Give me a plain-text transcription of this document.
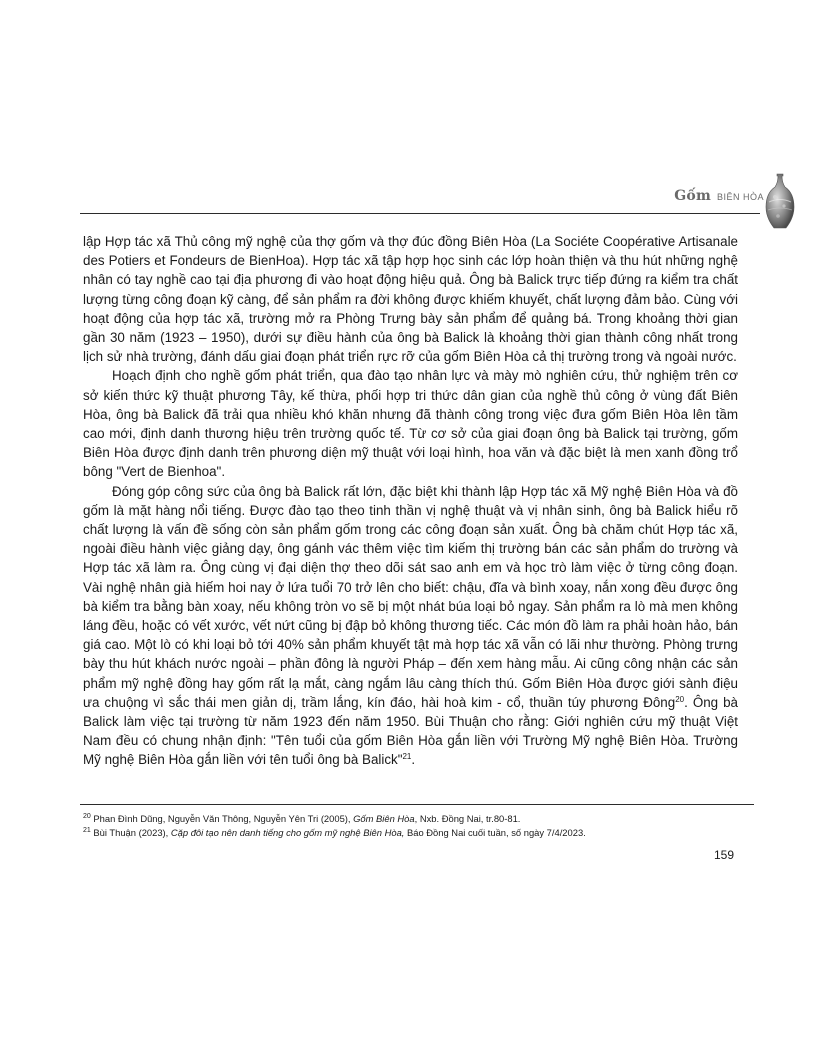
Gốm BIÊN HÒA

lập Hợp tác xã Thủ công mỹ nghệ của thợ gốm và thợ đúc đồng Biên Hòa (La Sociéte Coopérative Artisanale des Potiers et Fondeurs de BienHoa). Hợp tác xã tập hợp học sinh các lớp hoàn thiện và thu hút những nghệ nhân có tay nghề cao tại địa phương đi vào hoạt động hiệu quả. Ông bà Balick trực tiếp đứng ra kiểm tra chất lượng từng công đoạn kỹ càng, để sản phẩm ra đời không được khiếm khuyết, chất lượng đảm bảo. Cùng với hoạt động của hợp tác xã, trường mở ra Phòng Trưng bày sản phẩm để quảng bá. Trong khoảng thời gian gần 30 năm (1923 – 1950), dưới sự điều hành của ông bà Balick là khoảng thời gian thành công nhất trong lịch sử nhà trường, đánh dấu giai đoạn phát triển rực rỡ của gốm Biên Hòa cả thị trường trong và ngoài nước.

Hoạch định cho nghề gốm phát triển, qua đào tạo nhân lực và mày mò nghiên cứu, thử nghiệm trên cơ sở kiến thức kỹ thuật phương Tây, kế thừa, phối hợp tri thức dân gian của nghề thủ công ở vùng đất Biên Hòa, ông bà Balick đã trải qua nhiều khó khăn nhưng đã thành công trong việc đưa gốm Biên Hòa lên tầm cao mới, định danh thương hiệu trên trường quốc tế. Từ cơ sở của giai đoạn ông bà Balick tại trường, gốm Biên Hòa được định danh trên phương diện mỹ thuật với loại hình, hoa văn và đặc biệt là men xanh đồng trổ bông "Vert de Bienhoa".

Đóng góp công sức của ông bà Balick rất lớn, đặc biệt khi thành lập Hợp tác xã Mỹ nghệ Biên Hòa và đồ gốm là mặt hàng nổi tiếng. Được đào tạo theo tinh thần vị nghệ thuật và vị nhân sinh, ông bà Balick hiểu rõ chất lượng là vấn đề sống còn sản phẩm gốm trong các công đoạn sản xuất. Ông bà chăm chút Hợp tác xã, ngoài điều hành việc giảng dạy, ông gánh vác thêm việc tìm kiếm thị trường bán các sản phẩm do trường và Hợp tác xã làm ra. Ông cùng vị đại diện thợ theo dõi sát sao anh em và học trò làm việc ở từng công đoạn. Vài nghệ nhân già hiếm hoi nay ở lứa tuổi 70 trở lên cho biết: chậu, đĩa và bình xoay, nắn xong đều được ông bà kiểm tra bằng bàn xoay, nếu không tròn vo sẽ bị một nhát búa loại bỏ ngay. Sản phẩm ra lò mà men không láng đều, hoặc có vết xước, vết nứt cũng bị đập bỏ không thương tiếc. Các món đồ làm ra phải hoàn hảo, bán giá cao. Một lò có khi loại bỏ tới 40% sản phẩm khuyết tật mà hợp tác xã vẫn có lãi như thường. Phòng trưng bày thu hút khách nước ngoài – phần đông là người Pháp – đến xem hàng mẫu. Ai cũng công nhận các sản phẩm mỹ nghệ đồng hay gốm rất lạ mắt, càng ngắm lâu càng thích thú. Gốm Biên Hòa được giới sành điệu ưa chuộng vì sắc thái men giản dị, trầm lắng, kín đáo, hài hoà kim - cổ, thuần túy phương Đông$^{20}$. Ông bà Balick làm việc tại trường từ năm 1923 đến năm 1950. Bùi Thuận cho rằng: Giới nghiên cứu mỹ thuật Việt Nam đều có chung nhận định: "Tên tuổi của gốm Biên Hòa gắn liền với Trường Mỹ nghệ Biên Hòa. Trường Mỹ nghệ Biên Hòa gắn liền với tên tuổi ông bà Balick"$^{21}$.

$^{20}$ Phan Đình Dũng, Nguyễn Văn Thông, Nguyễn Yên Tri (2005), Gốm Biên Hòa, Nxb. Đồng Nai, tr.80-81.

$^{21}$ Bùi Thuận (2023), Cặp đôi tạo nên danh tiếng cho gốm mỹ nghệ Biên Hòa, Báo Đồng Nai cuối tuần, số ngày 7/4/2023.

159
